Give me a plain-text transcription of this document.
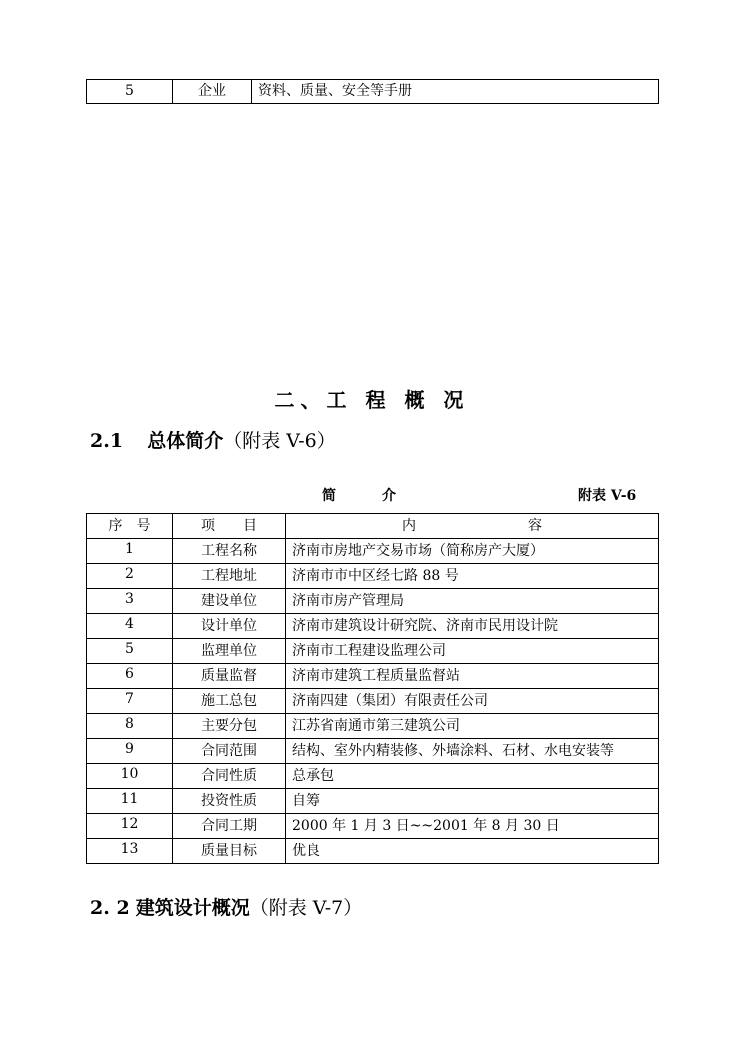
5	企业	资料、质量、安全等手册
二、工 程 概 况
2.1 总体简介（附表 V-6）
简介	附表 V-6
序　号	项　　目	内　　　　　　　　容
1	工程名称	济南市房地产交易市场（简称房产大厦）
2	工程地址	济南市市中区经七路 88 号
3	建设单位	济南市房产管理局
4	设计单位	济南市建筑设计研究院、济南市民用设计院
5	监理单位	济南市工程建设监理公司
6	质量监督	济南市建筑工程质量监督站
7	施工总包	济南四建（集团）有限责任公司
8	主要分包	江苏省南通市第三建筑公司
9	合同范围	结构、室外内精装修、外墙涂料、石材、水电安装等
10	合同性质	总承包
11	投资性质	自筹
12	合同工期	2000 年 1 月 3 日~~2001 年 8 月 30 日
13	质量目标	优良
2. 2 建筑设计概况（附表 V-7）
